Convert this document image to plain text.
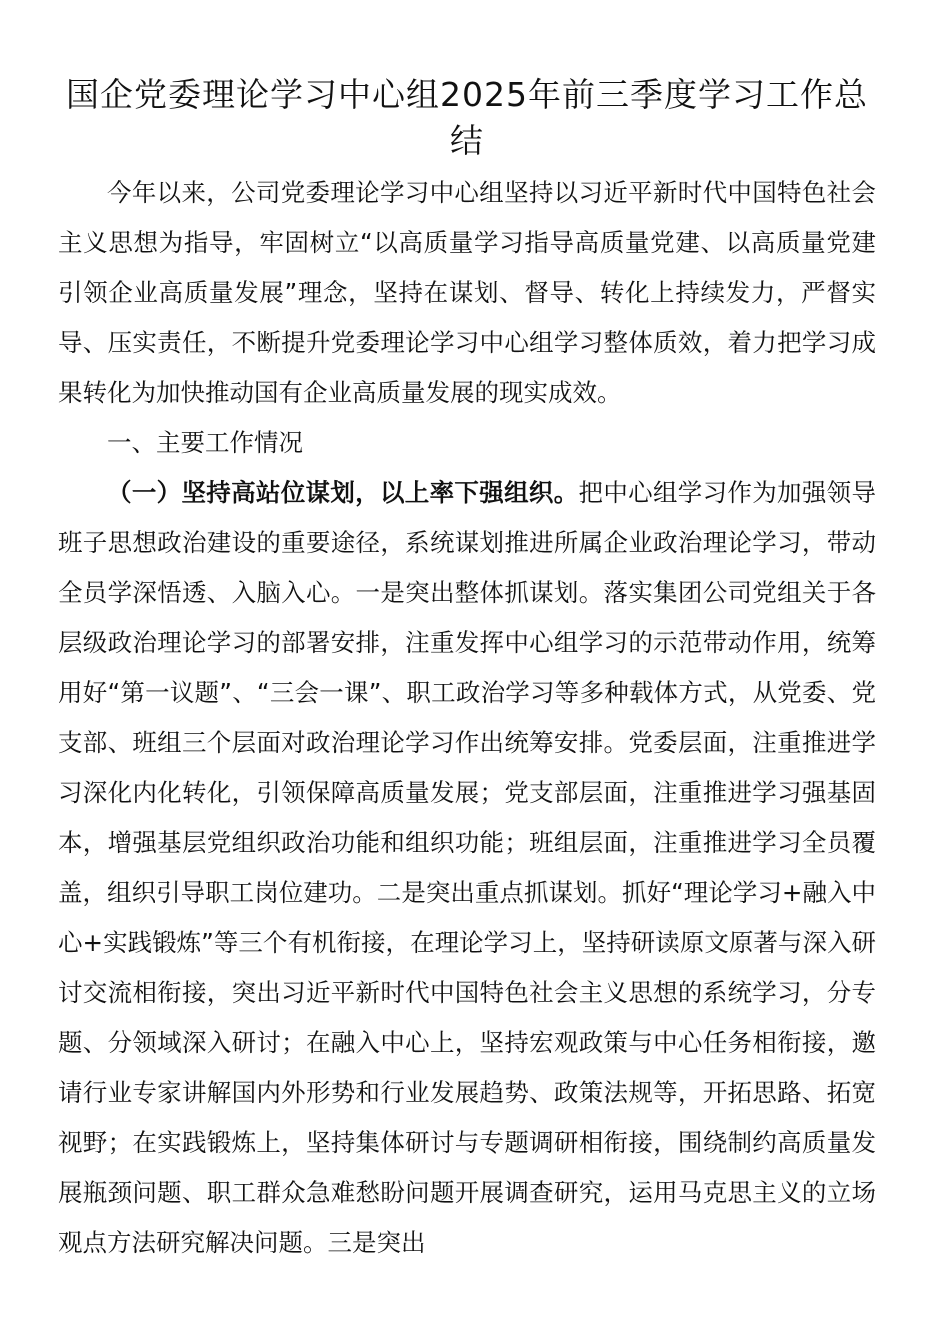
国企党委理论学习中心组2025年前三季度学习工作总结

今年以来，公司党委理论学习中心组坚持以习近平新时代中国特色社会主义思想为指导，牢固树立“以高质量学习指导高质量党建、以高质量党建引领企业高质量发展”理念，坚持在谋划、督导、转化上持续发力，严督实导、压实责任，不断提升党委理论学习中心组学习整体质效，着力把学习成果转化为加快推动国有企业高质量发展的现实成效。

一、主要工作情况

（一）坚持高站位谋划，以上率下强组织。把中心组学习作为加强领导班子思想政治建设的重要途径，系统谋划推进所属企业政治理论学习，带动全员学深悟透、入脑入心。一是突出整体抓谋划。落实集团公司党组关于各层级政治理论学习的部署安排，注重发挥中心组学习的示范带动作用，统筹用好“第一议题”、“三会一课”、职工政治学习等多种载体方式，从党委、党支部、班组三个层面对政治理论学习作出统筹安排。党委层面，注重推进学习深化内化转化，引领保障高质量发展；党支部层面，注重推进学习强基固本，增强基层党组织政治功能和组织功能；班组层面，注重推进学习全员覆盖，组织引导职工岗位建功。二是突出重点抓谋划。抓好“理论学习+融入中心+实践锻炼”等三个有机衔接，在理论学习上，坚持研读原文原著与深入研讨交流相衔接，突出习近平新时代中国特色社会主义思想的系统学习，分专题、分领域深入研讨；在融入中心上，坚持宏观政策与中心任务相衔接，邀请行业专家讲解国内外形势和行业发展趋势、政策法规等，开拓思路、拓宽视野；在实践锻炼上，坚持集体研讨与专题调研相衔接，围绕制约高质量发展瓶颈问题、职工群众急难愁盼问题开展调查研究，运用马克思主义的立场观点方法研究解决问题。三是突出
